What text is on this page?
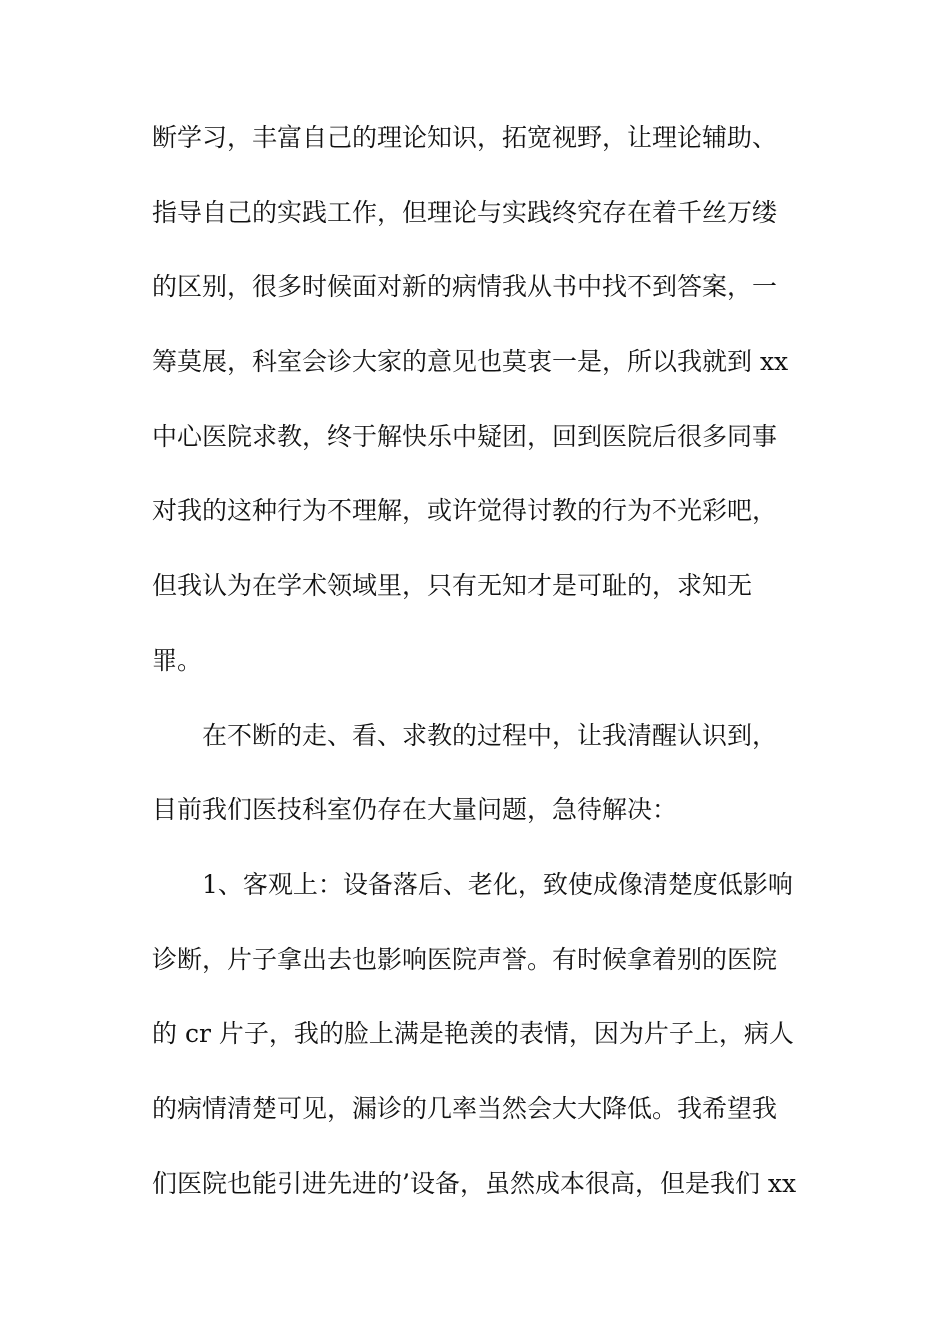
断学习，丰富自己的理论知识，拓宽视野，让理论辅助、
指导自己的实践工作，但理论与实践终究存在着千丝万缕
的区别，很多时候面对新的病情我从书中找不到答案，一
筹莫展，科室会诊大家的意见也莫衷一是，所以我就到 xx
中心医院求教，终于解快乐中疑团，回到医院后很多同事
对我的这种行为不理解，或许觉得讨教的行为不光彩吧，
但我认为在学术领域里，只有无知才是可耻的，求知无
罪。
在不断的走、看、求教的过程中，让我清醒认识到，
目前我们医技科室仍存在大量问题，急待解决：
1、客观上：设备落后、老化，致使成像清楚度低影响
诊断，片子拿出去也影响医院声誉。有时候拿着别的医院
的 cr 片子，我的脸上满是艳羡的表情，因为片子上，病人
的病情清楚可见，漏诊的几率当然会大大降低。我希望我
们医院也能引进先进的’设备，虽然成本很高，但是我们 xx
